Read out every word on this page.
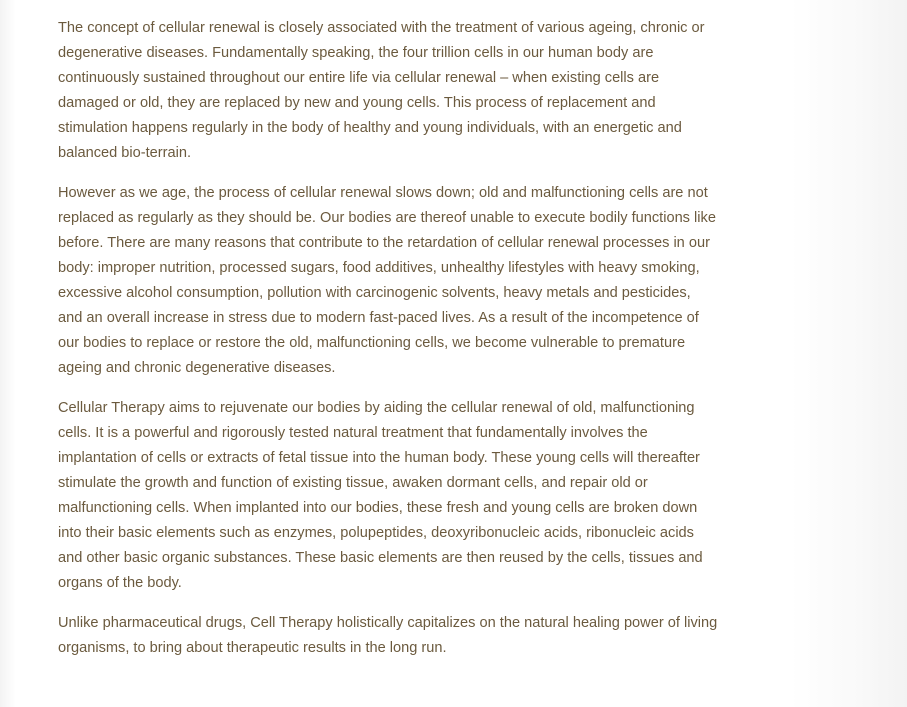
The concept of cellular renewal is closely associated with the treatment of various ageing, chronic or degenerative diseases. Fundamentally speaking, the four trillion cells in our human body are continuously sustained throughout our entire life via cellular renewal – when existing cells are damaged or old, they are replaced by new and young cells. This process of replacement and stimulation happens regularly in the body of healthy and young individuals, with an energetic and balanced bio-terrain.

However as we age, the process of cellular renewal slows down; old and malfunctioning cells are not replaced as regularly as they should be. Our bodies are thereof unable to execute bodily functions like before. There are many reasons that contribute to the retardation of cellular renewal processes in our body: improper nutrition, processed sugars, food additives, unhealthy lifestyles with heavy smoking, excessive alcohol consumption, pollution with carcinogenic solvents, heavy metals and pesticides, and an overall increase in stress due to modern fast-paced lives. As a result of the incompetence of our bodies to replace or restore the old, malfunctioning cells, we become vulnerable to premature ageing and chronic degenerative diseases.

Cellular Therapy aims to rejuvenate our bodies by aiding the cellular renewal of old, malfunctioning cells. It is a powerful and rigorously tested natural treatment that fundamentally involves the implantation of cells or extracts of fetal tissue into the human body. These young cells will thereafter stimulate the growth and function of existing tissue, awaken dormant cells, and repair old or malfunctioning cells. When implanted into our bodies, these fresh and young cells are broken down into their basic elements such as enzymes, polupeptides, deoxyribonucleic acids, ribonucleic acids and other basic organic substances. These basic elements are then reused by the cells, tissues and organs of the body.

Unlike pharmaceutical drugs, Cell Therapy holistically capitalizes on the natural healing power of living organisms, to bring about therapeutic results in the long run.
